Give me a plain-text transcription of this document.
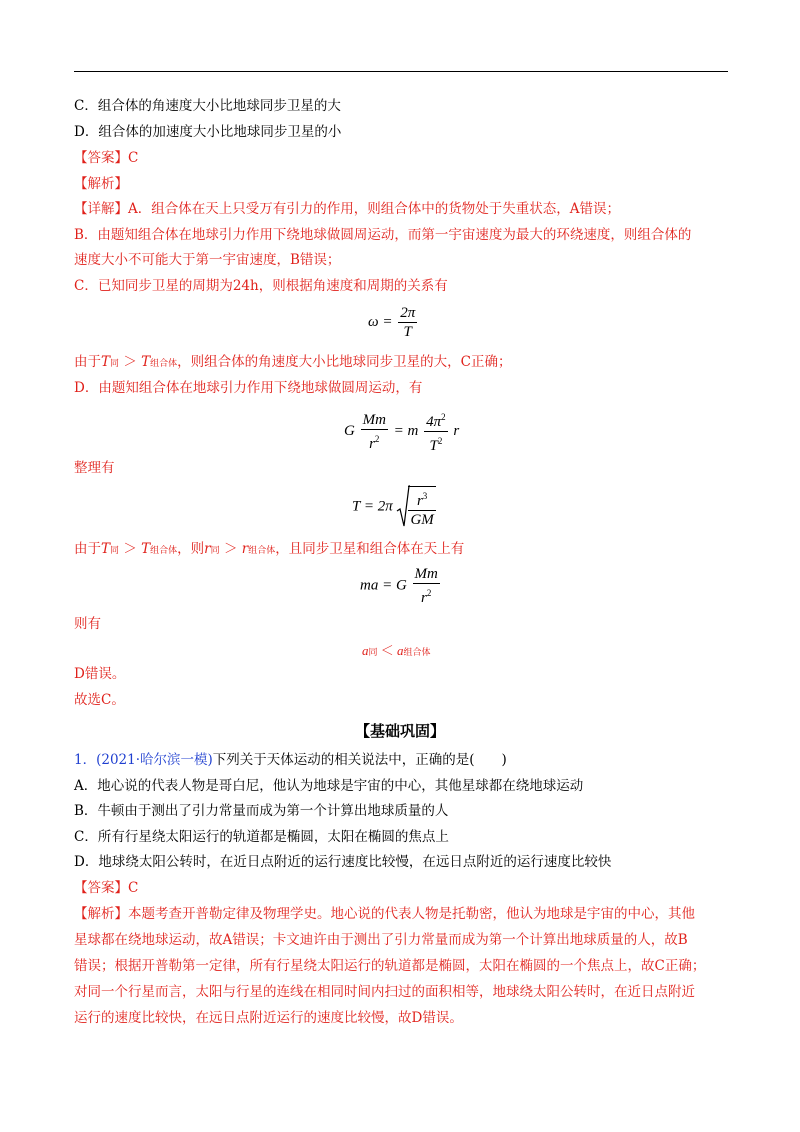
C．组合体的角速度大小比地球同步卫星的大
D．组合体的加速度大小比地球同步卫星的小
【答案】C
【解析】
【详解】A．组合体在天上只受万有引力的作用，则组合体中的货物处于失重状态，A错误；
B．由题知组合体在地球引力作用下绕地球做圆周运动，而第一宇宙速度为最大的环绕速度，则组合体的
速度大小不可能大于第一宇宙速度，B错误；
C．已知同步卫星的周期为24h，则根据角速度和周期的关系有
$\omega = \frac{2\pi}{T}$
由于T同 ＞ T组合体，则组合体的角速度大小比地球同步卫星的大，C正确；
D．由题知组合体在地球引力作用下绕地球做圆周运动，有
G $\frac{Mm}{r^2} = m \frac{4\pi^2}{T^2}$ r
整理有
$T = 2\pi \frac{r^3}{GM}$
由于T同 ＞ T组合体，则r同 ＞ r组合体，且同步卫星和组合体在天上有
ma = G $\frac{Mm}{r^2}$
则有
a同 ＜ a组合体
D错误。
故选C。
【基础巩固】
1．(2021·哈尔滨一模)下列关于天体运动的相关说法中，正确的是(　　)
A．地心说的代表人物是哥白尼，他认为地球是宇宙的中心，其他星球都在绕地球运动
B．牛顿由于测出了引力常量而成为第一个计算出地球质量的人
C．所有行星绕太阳运行的轨道都是椭圆，太阳在椭圆的焦点上
D．地球绕太阳公转时，在近日点附近的运行速度比较慢，在远日点附近的运行速度比较快
【答案】C
【解析】本题考查开普勒定律及物理学史。地心说的代表人物是托勒密，他认为地球是宇宙的中心，其他
星球都在绕地球运动，故A错误；卡文迪许由于测出了引力常量而成为第一个计算出地球质量的人，故B
错误；根据开普勒第一定律，所有行星绕太阳运行的轨道都是椭圆，太阳在椭圆的一个焦点上，故C正确；
对同一个行星而言，太阳与行星的连线在相同时间内扫过的面积相等，地球绕太阳公转时，在近日点附近
运行的速度比较快，在远日点附近运行的速度比较慢，故D错误。
